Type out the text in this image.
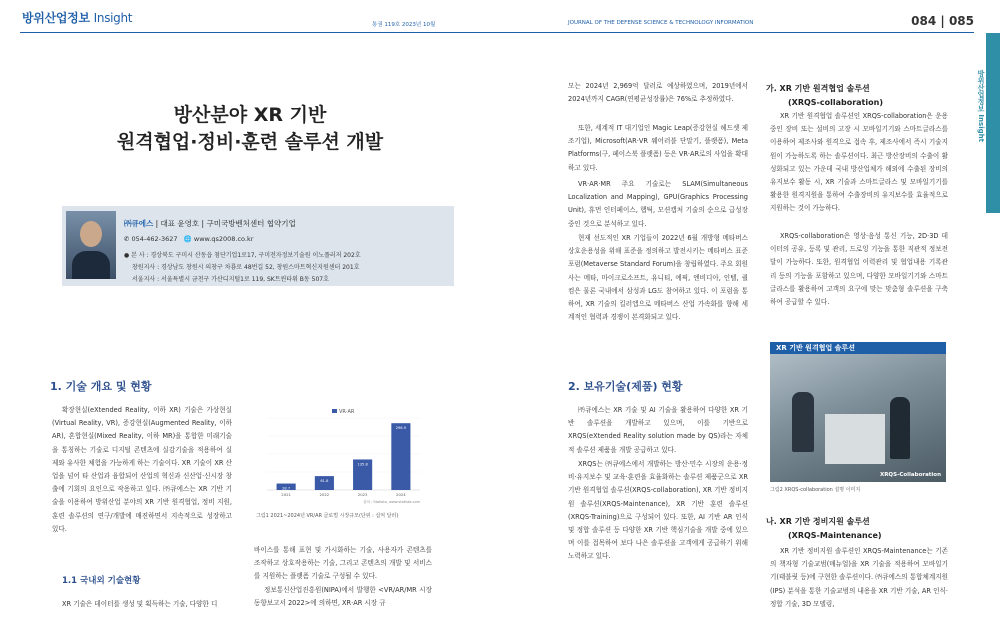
방위산업정보 Insight	통권 119호 2023년 10월	JOURNAL OF THE DEFENSE SCIENCE & TECHNOLOGY INFORMATION	084 | 085
방위산업정보 Insight
방산분야 XR 기반
원격협업·정비·훈련 솔루션 개발
㈜큐에스 | 대표 윤영호 | 구미국방벤처센터 협약기업
✆ 054-462-3627 🌐 www.qs2008.co.kr
● 본 사 : 경상북도 구미시 산동읍 첨단기업1로17, 구미전자정보기술원 이노플러저 202호
창원지사 : 경상남도 창원시 의창구 차룡로 48번길 52, 창원스마트혁신지원센터 201호
서울지사 : 서울특별시 금천구 가산디지털1로 119, SK트윈타워 B동 507호
1. 기술 개요 및 현황
확장현실(eXtended Reality, 이하 XR) 기술은 가상현실(Virtual Reality, VR), 증강현실(Augmented Reality, 이하 AR), 혼합현실(Mixed Reality, 이하 MR)을 통합한 미래기술을 통칭하는 기술로 디지털 콘텐츠에 실감기술을 적용하여 실제와 유사한 체험을 가능하게 하는 기술이다. XR 기술이 XR 산업을 넘어 타 산업과 융합되어 산업의 혁신과 신산업·신시장 창출에 기회의 요인으로 작용하고 있다. ㈜큐에스는 XR 기반 기술을 이용하여 방위산업 분야의 XR 기반 원격협업, 정비 지원, 훈련 솔루션의 연구/개발에 매진하면서 지속적으로 성장하고 있다.
1.1 국내외 기술현황
XR 기술은 데이터를 생성 및 획득하는 기술, 다양한 디
28.7
2021
61.8
2022
135.8
2023
296.9
2024
VR·AR
출처 : Statista, www.statista.com
그림1 2021~2024년 VR/AR 글로벌 시장규모(단위 : 십억 달러)
바이스를 통해 표현 및 가시화하는 기술, 사용자가 콘텐츠를 조작하고 상호작용하는 기술, 그리고 콘텐츠의 개발 및 서비스를 지원하는 플랫폼 기술로 구성될 수 있다.
정보통신산업진흥원(NIPA)에서 발행한 <VR/AR/MR 시장동향보고서 2022>에 의하면, XR·AR 시장 규
모는 2024년 2,969억 달러로 예상하였으며, 2019년에서 2024년까지 CAGR(연평균성장률)은 76%로 추정하였다.
또한, 세계적 IT 대기업인 Magic Leap(증강현실 헤드셋 제조기업), Microsoft(AR·VR 웨어러블 단말기, 플랫폼), Meta Platforms(구, 페이스북 플랫폼) 등은 VR·AR로의 사업을 확대하고 있다.
VR·AR·MR 주요 기술로는 SLAM(Simultaneous Localization and Mapping), GPU(Graphics Processing Unit), 휴먼 인터페이스, 햅틱, 모션캡처 기술의 순으로 급성장 중인 것으로 분석하고 있다.
현재 선도적인 XR 기업들이 2022년 6월 개방형 메타버스 상호운용성을 위해 표준을 정의하고 발전시키는 메타버스 표준포럼(Metaverse Standard Forum)을 창립하였다. 주요 회원사는 메타, 마이크로소프트, 유니티, 에픽, 엔비디아, 인텔, 퀄컴은 물론 국내에서 삼성과 LG도 참여하고 있다. 이 포럼을 통하여, XR 기술의 킬러앱으로 메타버스 산업 가속화를 향해 세계적인 협력과 경쟁이 본격화되고 있다.
2. 보유기술(제품) 현황
㈜큐에스는 XR 기술 및 AI 기술을 활용하여 다양한 XR 기반 솔루션을 개발하고 있으며, 이를 기반으로 XRQS(eXtended Reality solution made by QS)라는 자체적 솔루션 제품을 개발 공급하고 있다.
XRQS는 ㈜큐에스에서 개발하는 방산·민수 시장의 운용·정비·유지보수 및 교육·훈련을 효율화하는 솔루션 제품군으로 XR 기반 원격협업 솔루션(XRQS-collaboration), XR 기반 정비지원 솔루션(XRQS-Maintenance), XR 기반 훈련 솔루션(XRQS-Training)으로 구성되어 있다. 또한, AI 기반 AR 인식 및 정합 솔루션 등 다양한 XR 기반 핵심기술을 개발 중에 있으며 이를 접목하여 보다 나은 솔루션을 고객에게 공급하기 위해 노력하고 있다.
가. XR 기반 원격협업 솔루션
(XRQS-collaboration)
XR 기반 원격협업 솔루션인 XRQS-collaboration은 운용 중인 장비 또는 설비의 고장 시 모바일기기와 스마트글라스를 이용하여 제조사와 원격으로 접속 후, 제조사에서 즉시 기술지원이 가능하도록 하는 솔루션이다. 최근 방산장비의 수출이 활성화되고 있는 가운데 국내 방산업체가 해외에 수출된 장비의 유지보수 활동 시, XR 기술과 스마트글라스 및 모바일기기를 활용한 원격지원을 통하여 수출장비의 유지보수를 효율적으로 지원하는 것이 가능하다.
XRQS-collaboration은 영상·음성 통신 기능, 2D·3D 데이터의 공유, 등록 및 관리, 드로잉 기능을 통한 직관적 정보전달이 가능하다. 또한, 원격협업 이력관리 및 협업내용 기록관리 등의 기능을 포함하고 있으며, 다양한 모바일기기와 스마트글라스를 활용하여 고객의 요구에 맞는 맞춤형 솔루션을 구축하여 공급할 수 있다.
XR 기반 원격협업 솔루션
XRQS-Collaboration
그림2 XRQS-collaboration 설명 이미지
나. XR 기반 정비지원 솔루션
(XRQS-Maintenance)
XR 기반 정비지원 솔루션인 XRQS-Maintenance는 기존의 책자형 기술교범(매뉴얼)을 XR 기술을 적용하여 모바일기기(태블릿 등)에 구현한 솔루션이다. ㈜큐에스의 통합체계지원(IPS) 분석을 통한 기술교범의 내용을 XR 기반 기술, AR 인식·정합 기술, 3D 모델링,
